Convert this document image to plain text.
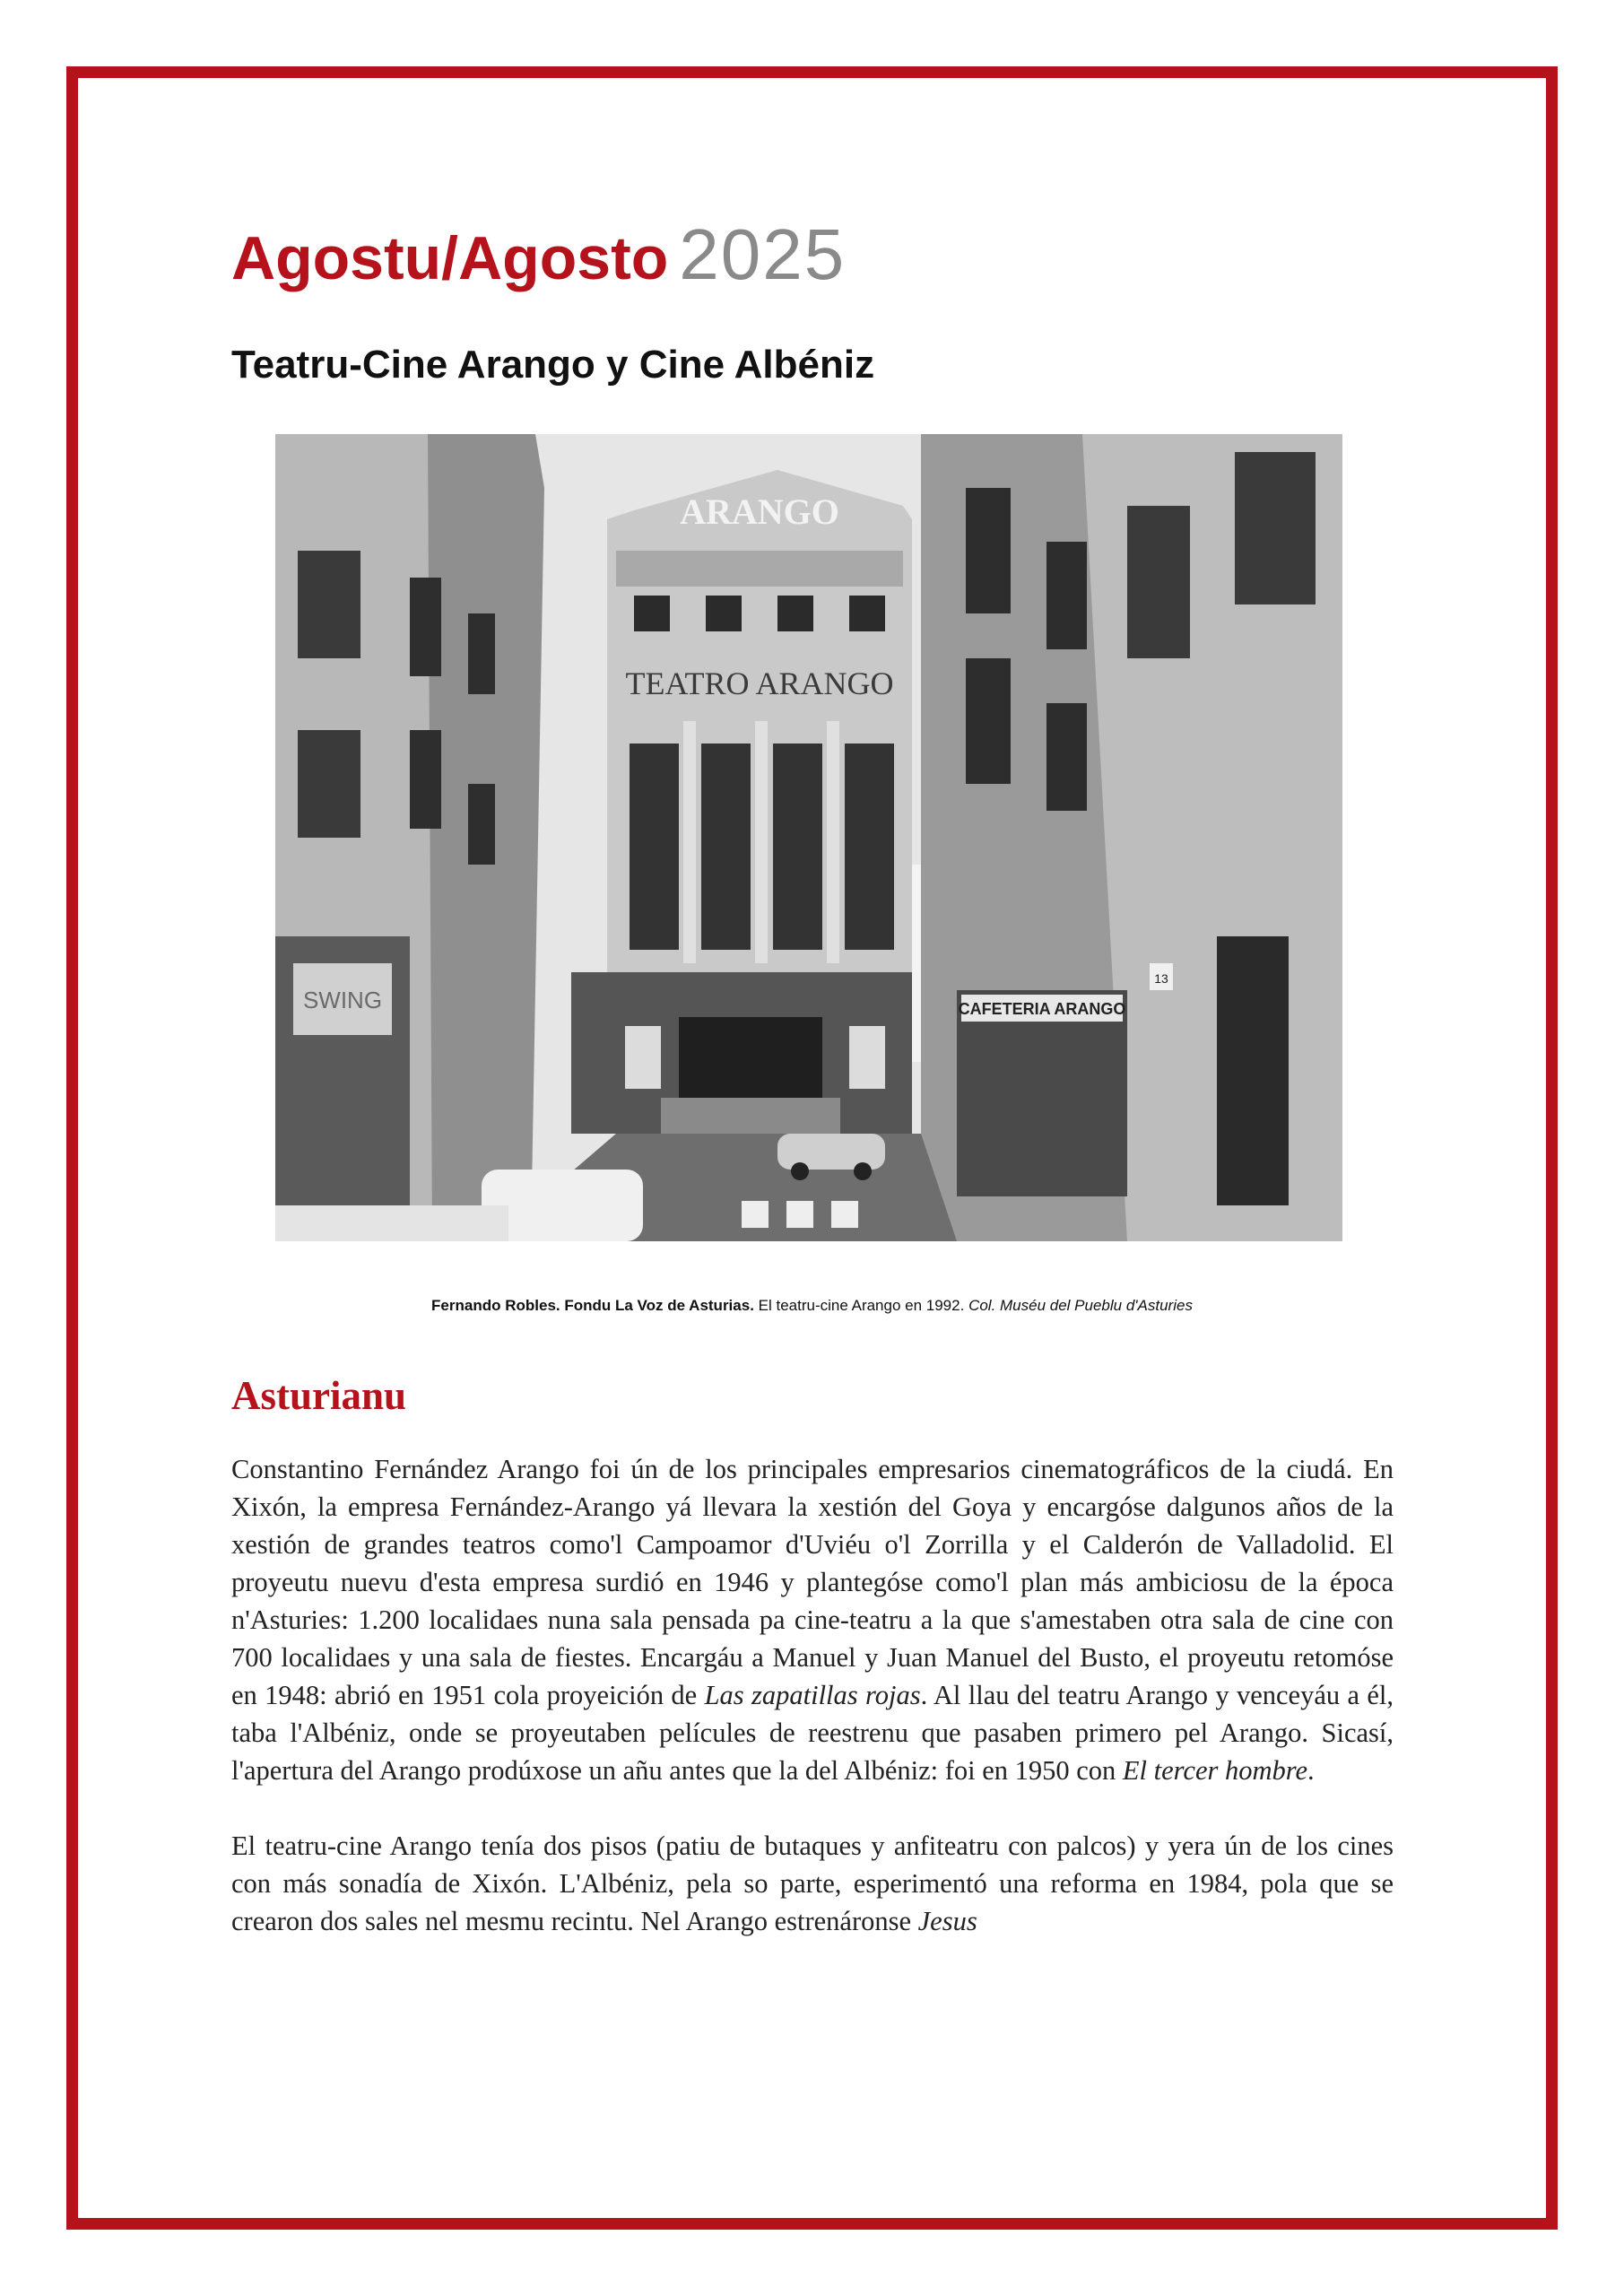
Agostu/Agosto 2025
Teatru-Cine Arango y Cine Albéniz
SWING
ARANGO
TEATRO ARANGO
CAFETERIA ARANGO
13
Fernando Robles. Fondu La Voz de Asturias. El teatru-cine Arango en 1992. Col. Muséu del Pueblu d'Asturies
Asturianu

Constantino Fernández Arango foi ún de los principales empresarios cinematográficos de la ciudá. En Xixón, la empresa Fernández-Arango yá llevara la xestión del Goya y encargóse dalgunos años de la xestión de grandes teatros como'l Campoamor d'Uviéu o'l Zorrilla y el Calderón de Valladolid. El proyeutu nuevu d'esta empresa surdió en 1946 y plantegóse como'l plan más ambiciosu de la época n'Asturies: 1.200 localidaes nuna sala pensada pa cine-teatru a la que s'amestaben otra sala de cine con 700 localidaes y una sala de fiestes. Encargáu a Manuel y Juan Manuel del Busto, el proyeutu retomóse en 1948: abrió en 1951 cola proyeición de Las zapatillas rojas. Al llau del teatru Arango y venceyáu a él, taba l'Albéniz, onde se proyeutaben películes de reestrenu que pasaben primero pel Arango. Sicasí, l'apertura del Arango prodúxose un añu antes que la del Albéniz: foi en 1950 con El tercer hombre.

El teatru-cine Arango tenía dos pisos (patiu de butaques y anfiteatru con palcos) y yera ún de los cines con más sonadía de Xixón. L'Albéniz, pela so parte, esperimentó una reforma en 1984, pola que se crearon dos sales nel mesmu recintu. Nel Arango estrenáronse Jesus
